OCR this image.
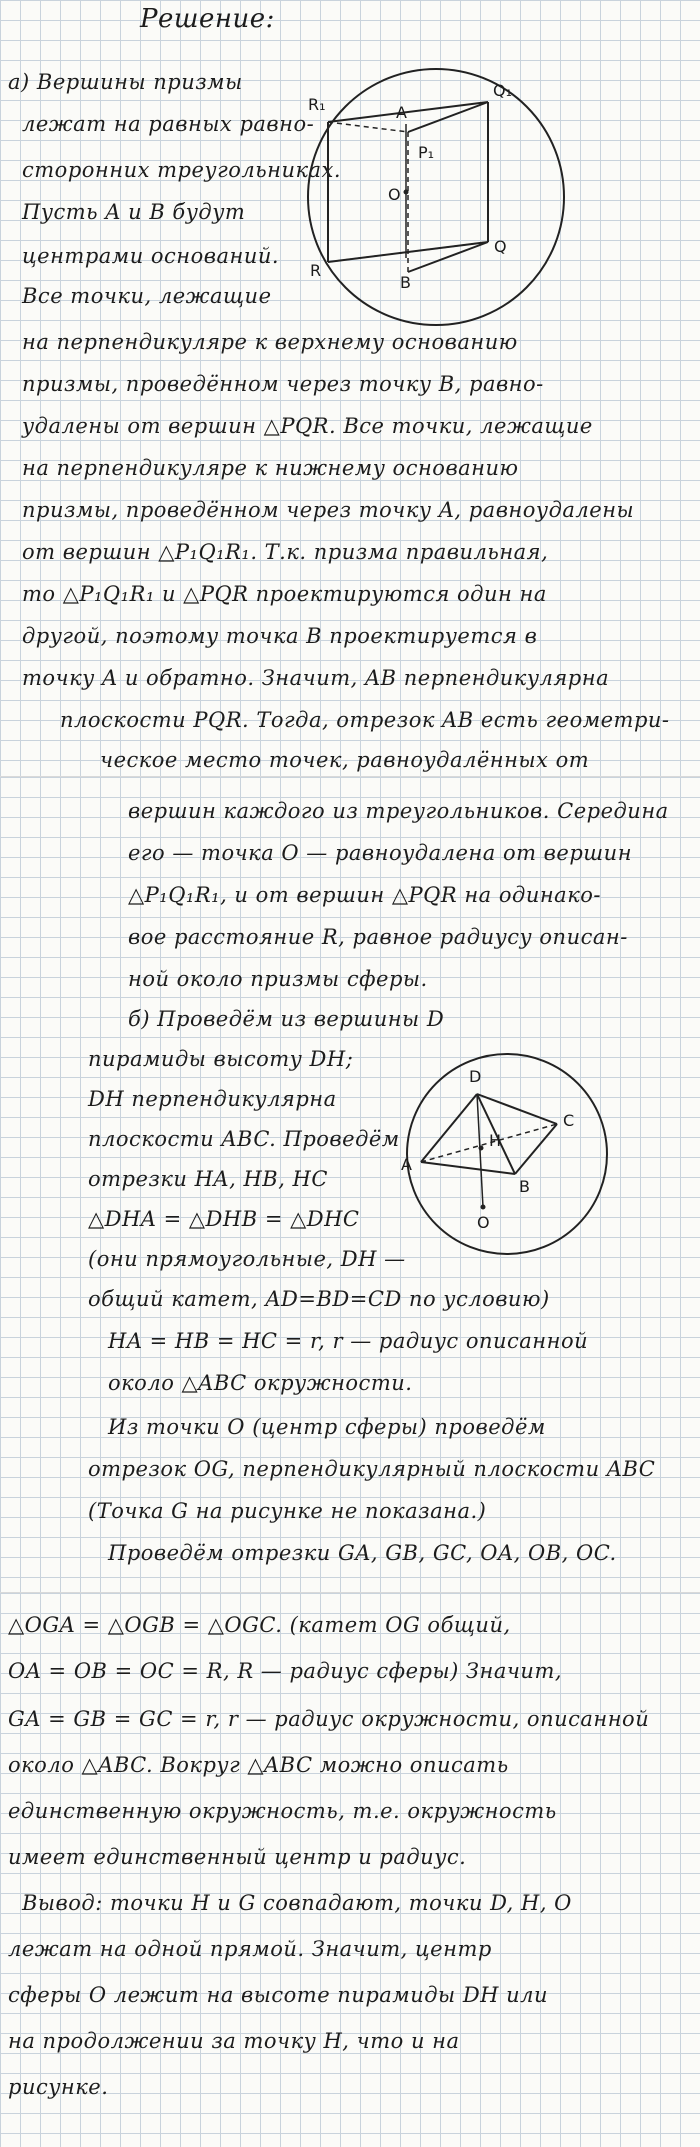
Решение:
а) Вершины призмы
лежат на равных равно-
сторонних треугольниках.
Пусть A и B будут
центрами оснований.
Все точки, лежащие
на перпендикуляре к верхнему основанию
призмы, проведённом через точку B, равно-
удалены от вершин △PQR. Все точки, лежащие
на перпендикуляре к нижнему основанию
призмы, проведённом через точку A, равноудалены
от вершин △P₁Q₁R₁. Т.к. призма правильная,
то △P₁Q₁R₁ и △PQR проектируются один на
другой, поэтому точка B проектируется в
точку A и обратно. Значит, AB перпендикулярна
плоскости PQR. Тогда, отрезок AB есть геометри-
ческое место точек, равноудалённых от
R₁
Q₁
A
P₁
O
R
Q
B
вершин каждого из треугольников. Середина
его — точка O — равноудалена от вершин
△P₁Q₁R₁, и от вершин △PQR на одинако-
вое расстояние R, равное радиусу описан-
ной около призмы сферы.
б) Проведём из вершины D
пирамиды высоту DH;
DH перпендикулярна
плоскости ABC. Проведём
отрезки HA, HB, HC
△DHA = △DHB = △DHC
(они прямоугольные, DH —
общий катет, AD=BD=CD по условию)
HA = HB = HC = r, r — радиус описанной
около △ABC окружности.
Из точки O (центр сферы) проведём
отрезок OG, перпендикулярный плоскости ABC
(Точка G на рисунке не показана.)
Проведём отрезки GA, GB, GC, OA, OB, OC.
D
C
H
A
B
O
△OGA = △OGB = △OGC. (катет OG общий,
OA = OB = OC = R, R — радиус сферы) Значит,
GA = GB = GC = r, r — радиус окружности, описанной
около △ABC. Вокруг △ABC можно описать
единственную окружность, т.е. окружность
имеет единственный центр и радиус.
Вывод: точки H и G совпадают, точки D, H, O
лежат на одной прямой. Значит, центр
сферы O лежит на высоте пирамиды DH или
на продолжении за точку H, что и на
рисунке.
